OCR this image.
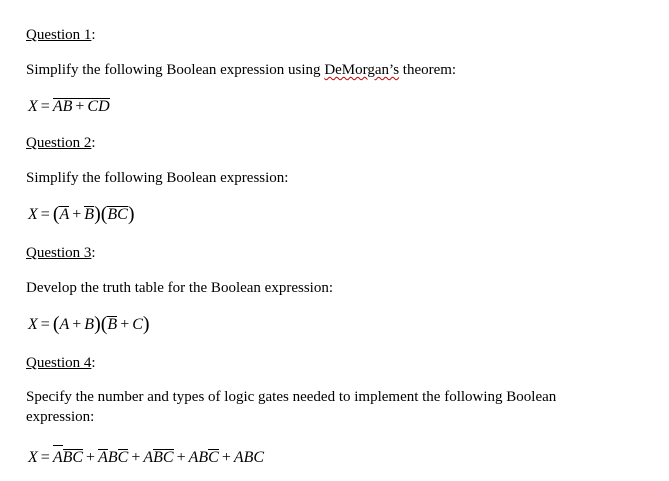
Question 1:
Simplify the following Boolean expression using DeMorgan’s theorem:
X = AB + CD
Question 2:
Simplify the following Boolean expression:
X = (A + B)(BC)
Question 3:
Develop the truth table for the Boolean expression:
X = (A + B)(B + C)
Question 4:
Specify the number and types of logic gates needed to implement the following Boolean expression:
X = ABC + ABC + ABC + ABC + ABC
